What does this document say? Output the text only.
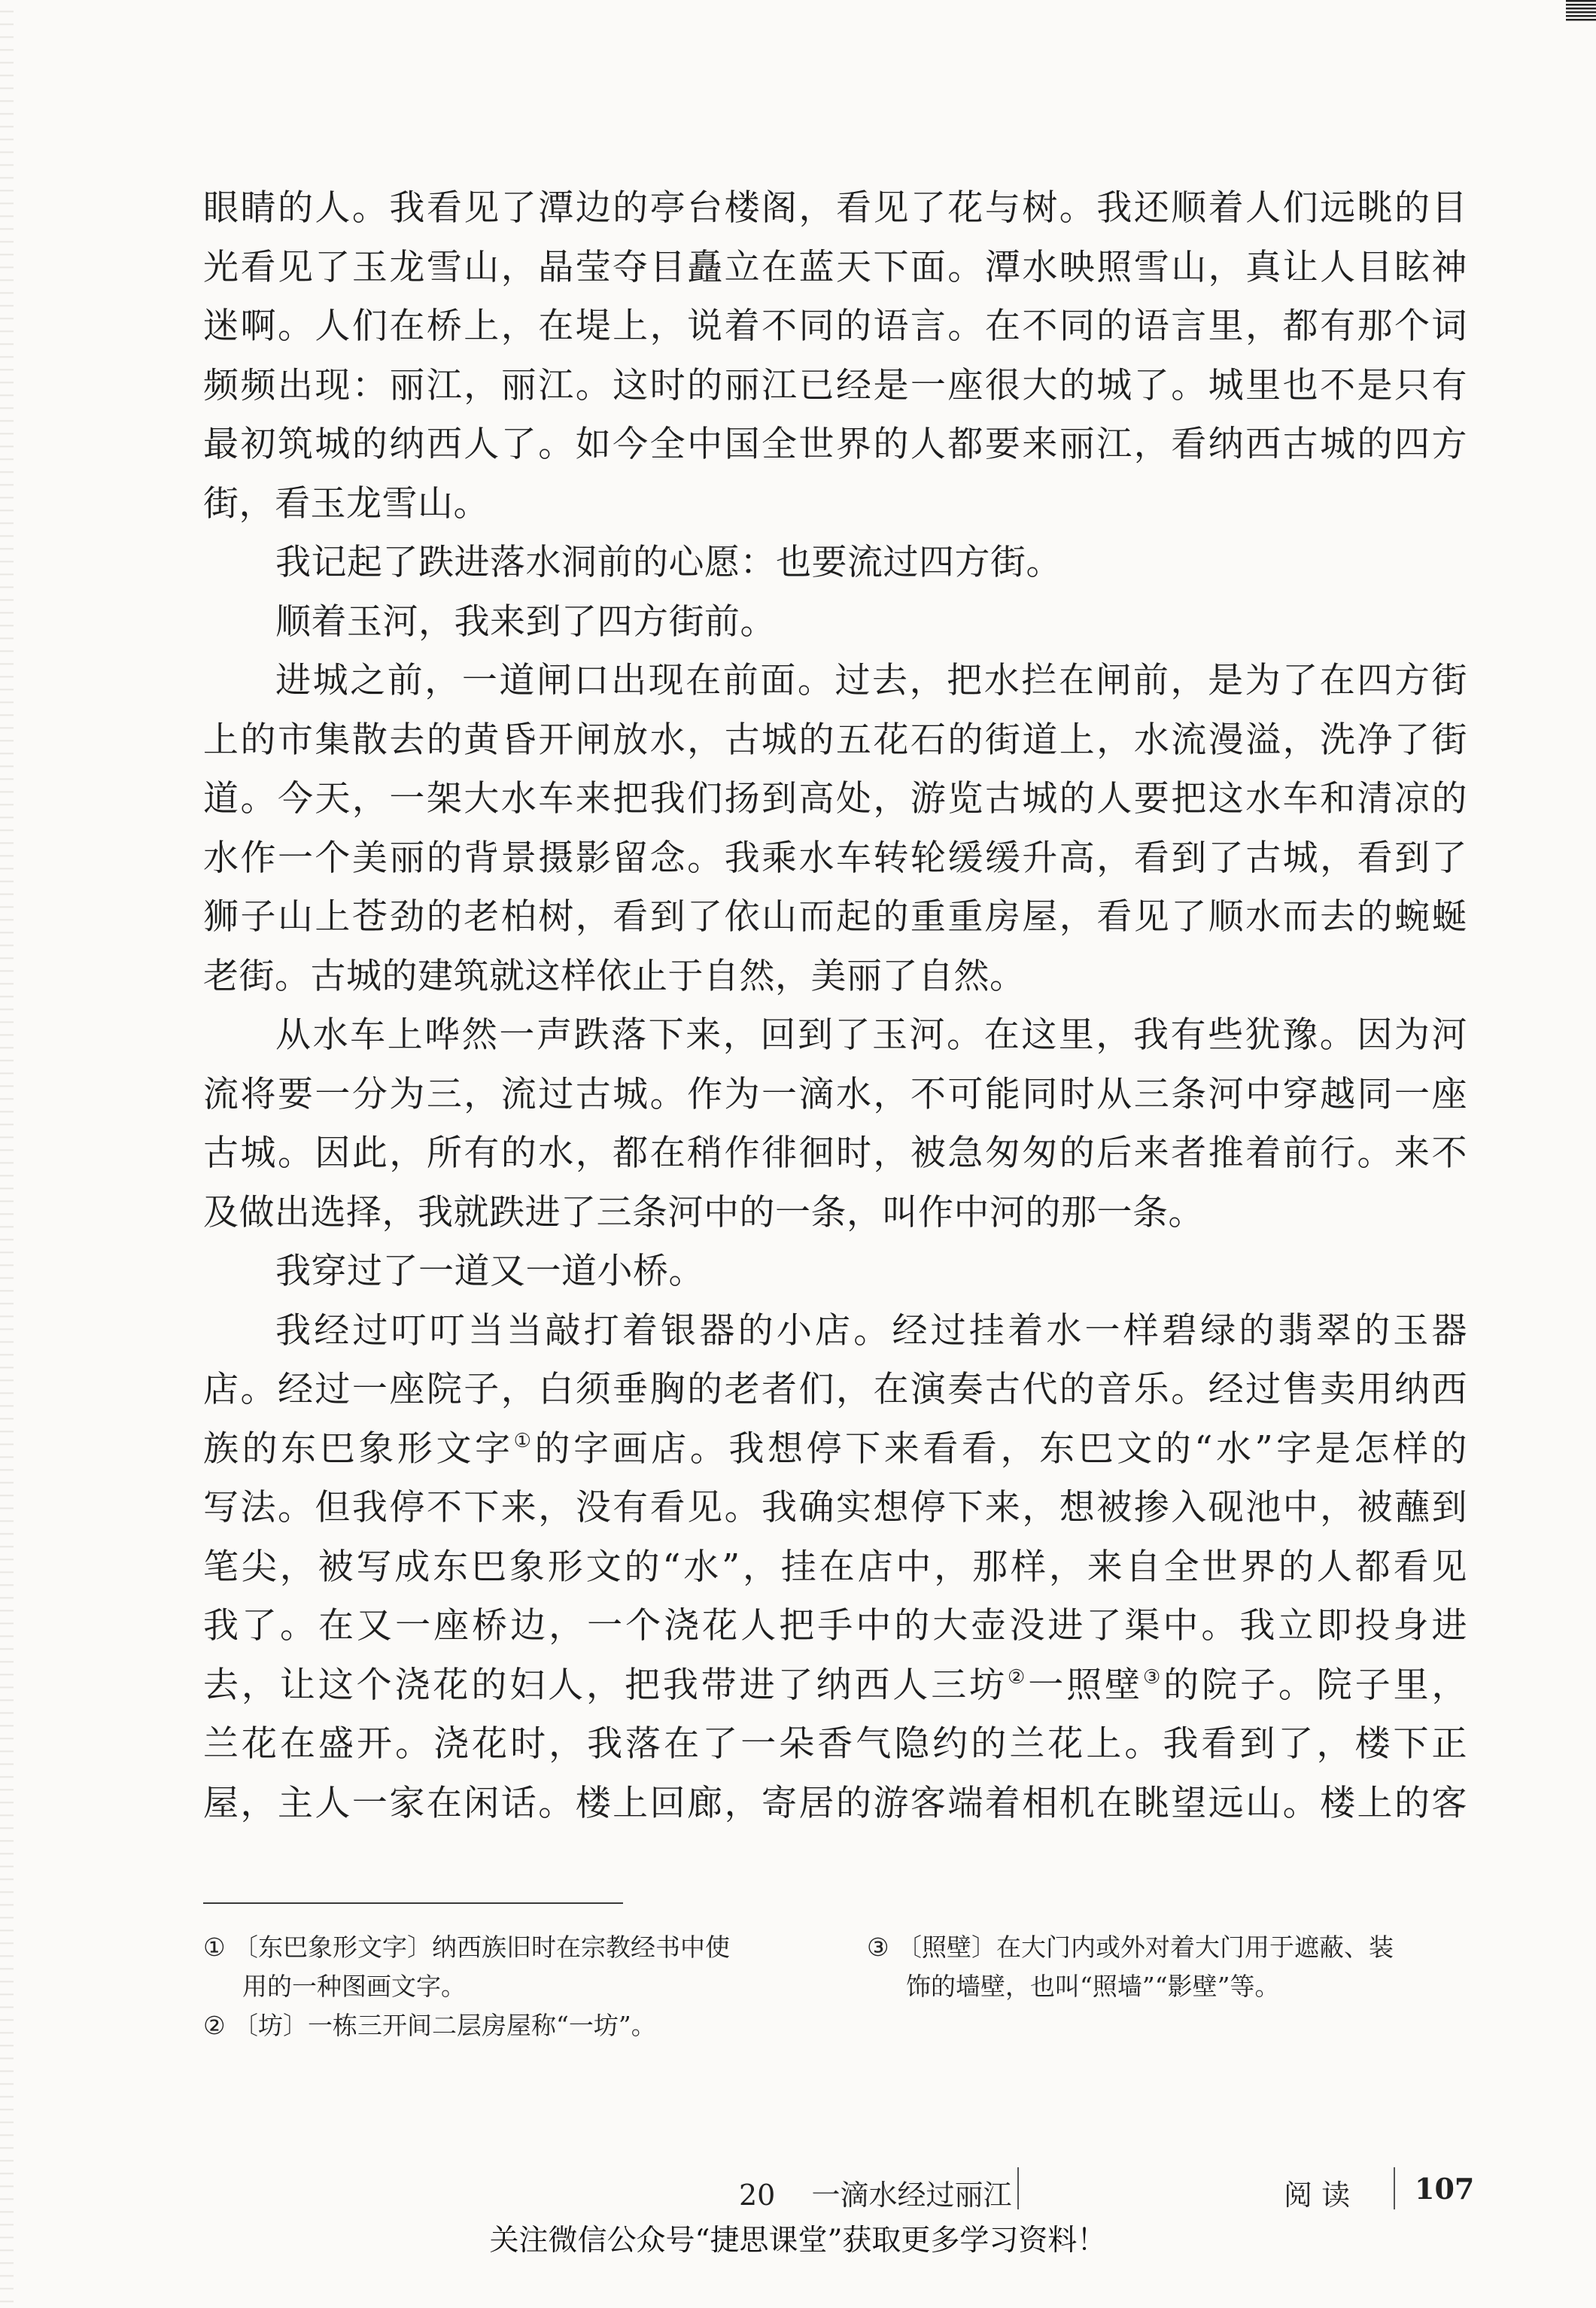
眼睛的人。我看见了潭边的亭台楼阁，看见了花与树。我还顺着人们远眺的目
光看见了玉龙雪山，晶莹夺目矗立在蓝天下面。潭水映照雪山，真让人目眩神
迷啊。人们在桥上，在堤上，说着不同的语言。在不同的语言里，都有那个词
频频出现：丽江，丽江。这时的丽江已经是一座很大的城了。城里也不是只有
最初筑城的纳西人了。如今全中国全世界的人都要来丽江，看纳西古城的四方
街，看玉龙雪山。
我记起了跌进落水洞前的心愿：也要流过四方街。
顺着玉河，我来到了四方街前。
进城之前，一道闸口出现在前面。过去，把水拦在闸前，是为了在四方街
上的市集散去的黄昏开闸放水，古城的五花石的街道上，水流漫溢，洗净了街
道。今天，一架大水车来把我们扬到高处，游览古城的人要把这水车和清凉的
水作一个美丽的背景摄影留念。我乘水车转轮缓缓升高，看到了古城，看到了
狮子山上苍劲的老柏树，看到了依山而起的重重房屋，看见了顺水而去的蜿蜒
老街。古城的建筑就这样依止于自然，美丽了自然。
从水车上哗然一声跌落下来，回到了玉河。在这里，我有些犹豫。因为河
流将要一分为三，流过古城。作为一滴水，不可能同时从三条河中穿越同一座
古城。因此，所有的水，都在稍作徘徊时，被急匆匆的后来者推着前行。来不
及做出选择，我就跌进了三条河中的一条，叫作中河的那一条。
我穿过了一道又一道小桥。
我经过叮叮当当敲打着银器的小店。经过挂着水一样碧绿的翡翠的玉器
店。经过一座院子，白须垂胸的老者们，在演奏古代的音乐。经过售卖用纳西
族的东巴象形文字①的字画店。我想停下来看看，东巴文的“水”字是怎样的
写法。但我停不下来，没有看见。我确实想停下来，想被掺入砚池中，被蘸到
笔尖，被写成东巴象形文的“水”，挂在店中，那样，来自全世界的人都看见
我了。在又一座桥边，一个浇花人把手中的大壶没进了渠中。我立即投身进
去，让这个浇花的妇人，把我带进了纳西人三坊②一照壁③的院子。院子里，
兰花在盛开。浇花时，我落在了一朵香气隐约的兰花上。我看到了，楼下正
屋，主人一家在闲话。楼上回廊，寄居的游客端着相机在眺望远山。楼上的客
① 〔东巴象形文字〕纳西族旧时在宗教经书中使
用的一种图画文字。
② 〔坊〕一栋三开间二层房屋称“一坊”。
③ 〔照壁〕在大门内或外对着大门用于遮蔽、装
饰的墙壁，也叫“照墙”“影壁”等。
20 一滴水经过丽江	阅 读 107
关注微信公众号“捷思课堂”获取更多学习资料！
